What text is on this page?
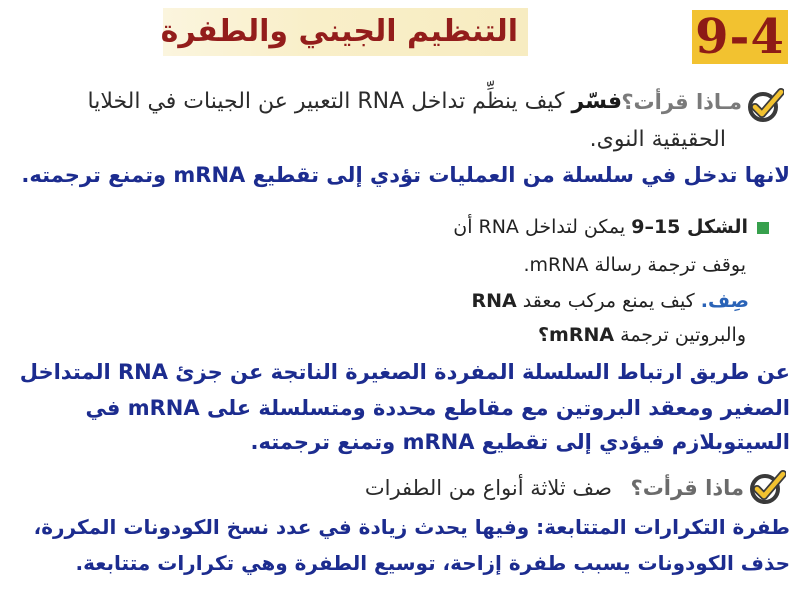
9-4
التنظيم الجيني والطفرة
مـاذا قرأت؟
فسّر كيف ينظِّم تداخل RNA التعبير عن الجينات في الخلايا
الحقيقية النوى.
لانها تدخل في سلسلة من العمليات تؤدي إلى تقطيع mRNA وتمنع ترجمته.
الشكل 15–9 يمكن لتداخل RNA أن
يوقف ترجمة رسالة mRNA.
صِف. كيف يمنع مركب معقد RNA
والبروتين ترجمة mRNA؟
عن طريق ارتباط السلسلة المفردة الصغيرة الناتجة عن جزئ RNA المتداخل
الصغير ومعقد البروتين مع مقاطع محددة ومتسلسلة على mRNA في
السيتوبلازم فيؤدي إلى تقطيع mRNA وتمنع ترجمته.
ماذا قرأت؟
صف ثلاثة أنواع من الطفرات
طفرة التكرارات المتتابعة: وفيها يحدث زيادة في عدد نسخ الكودونات المكررة،
حذف الكودونات يسبب طفرة إزاحة، توسيع الطفرة وهي تكرارات متتابعة.
